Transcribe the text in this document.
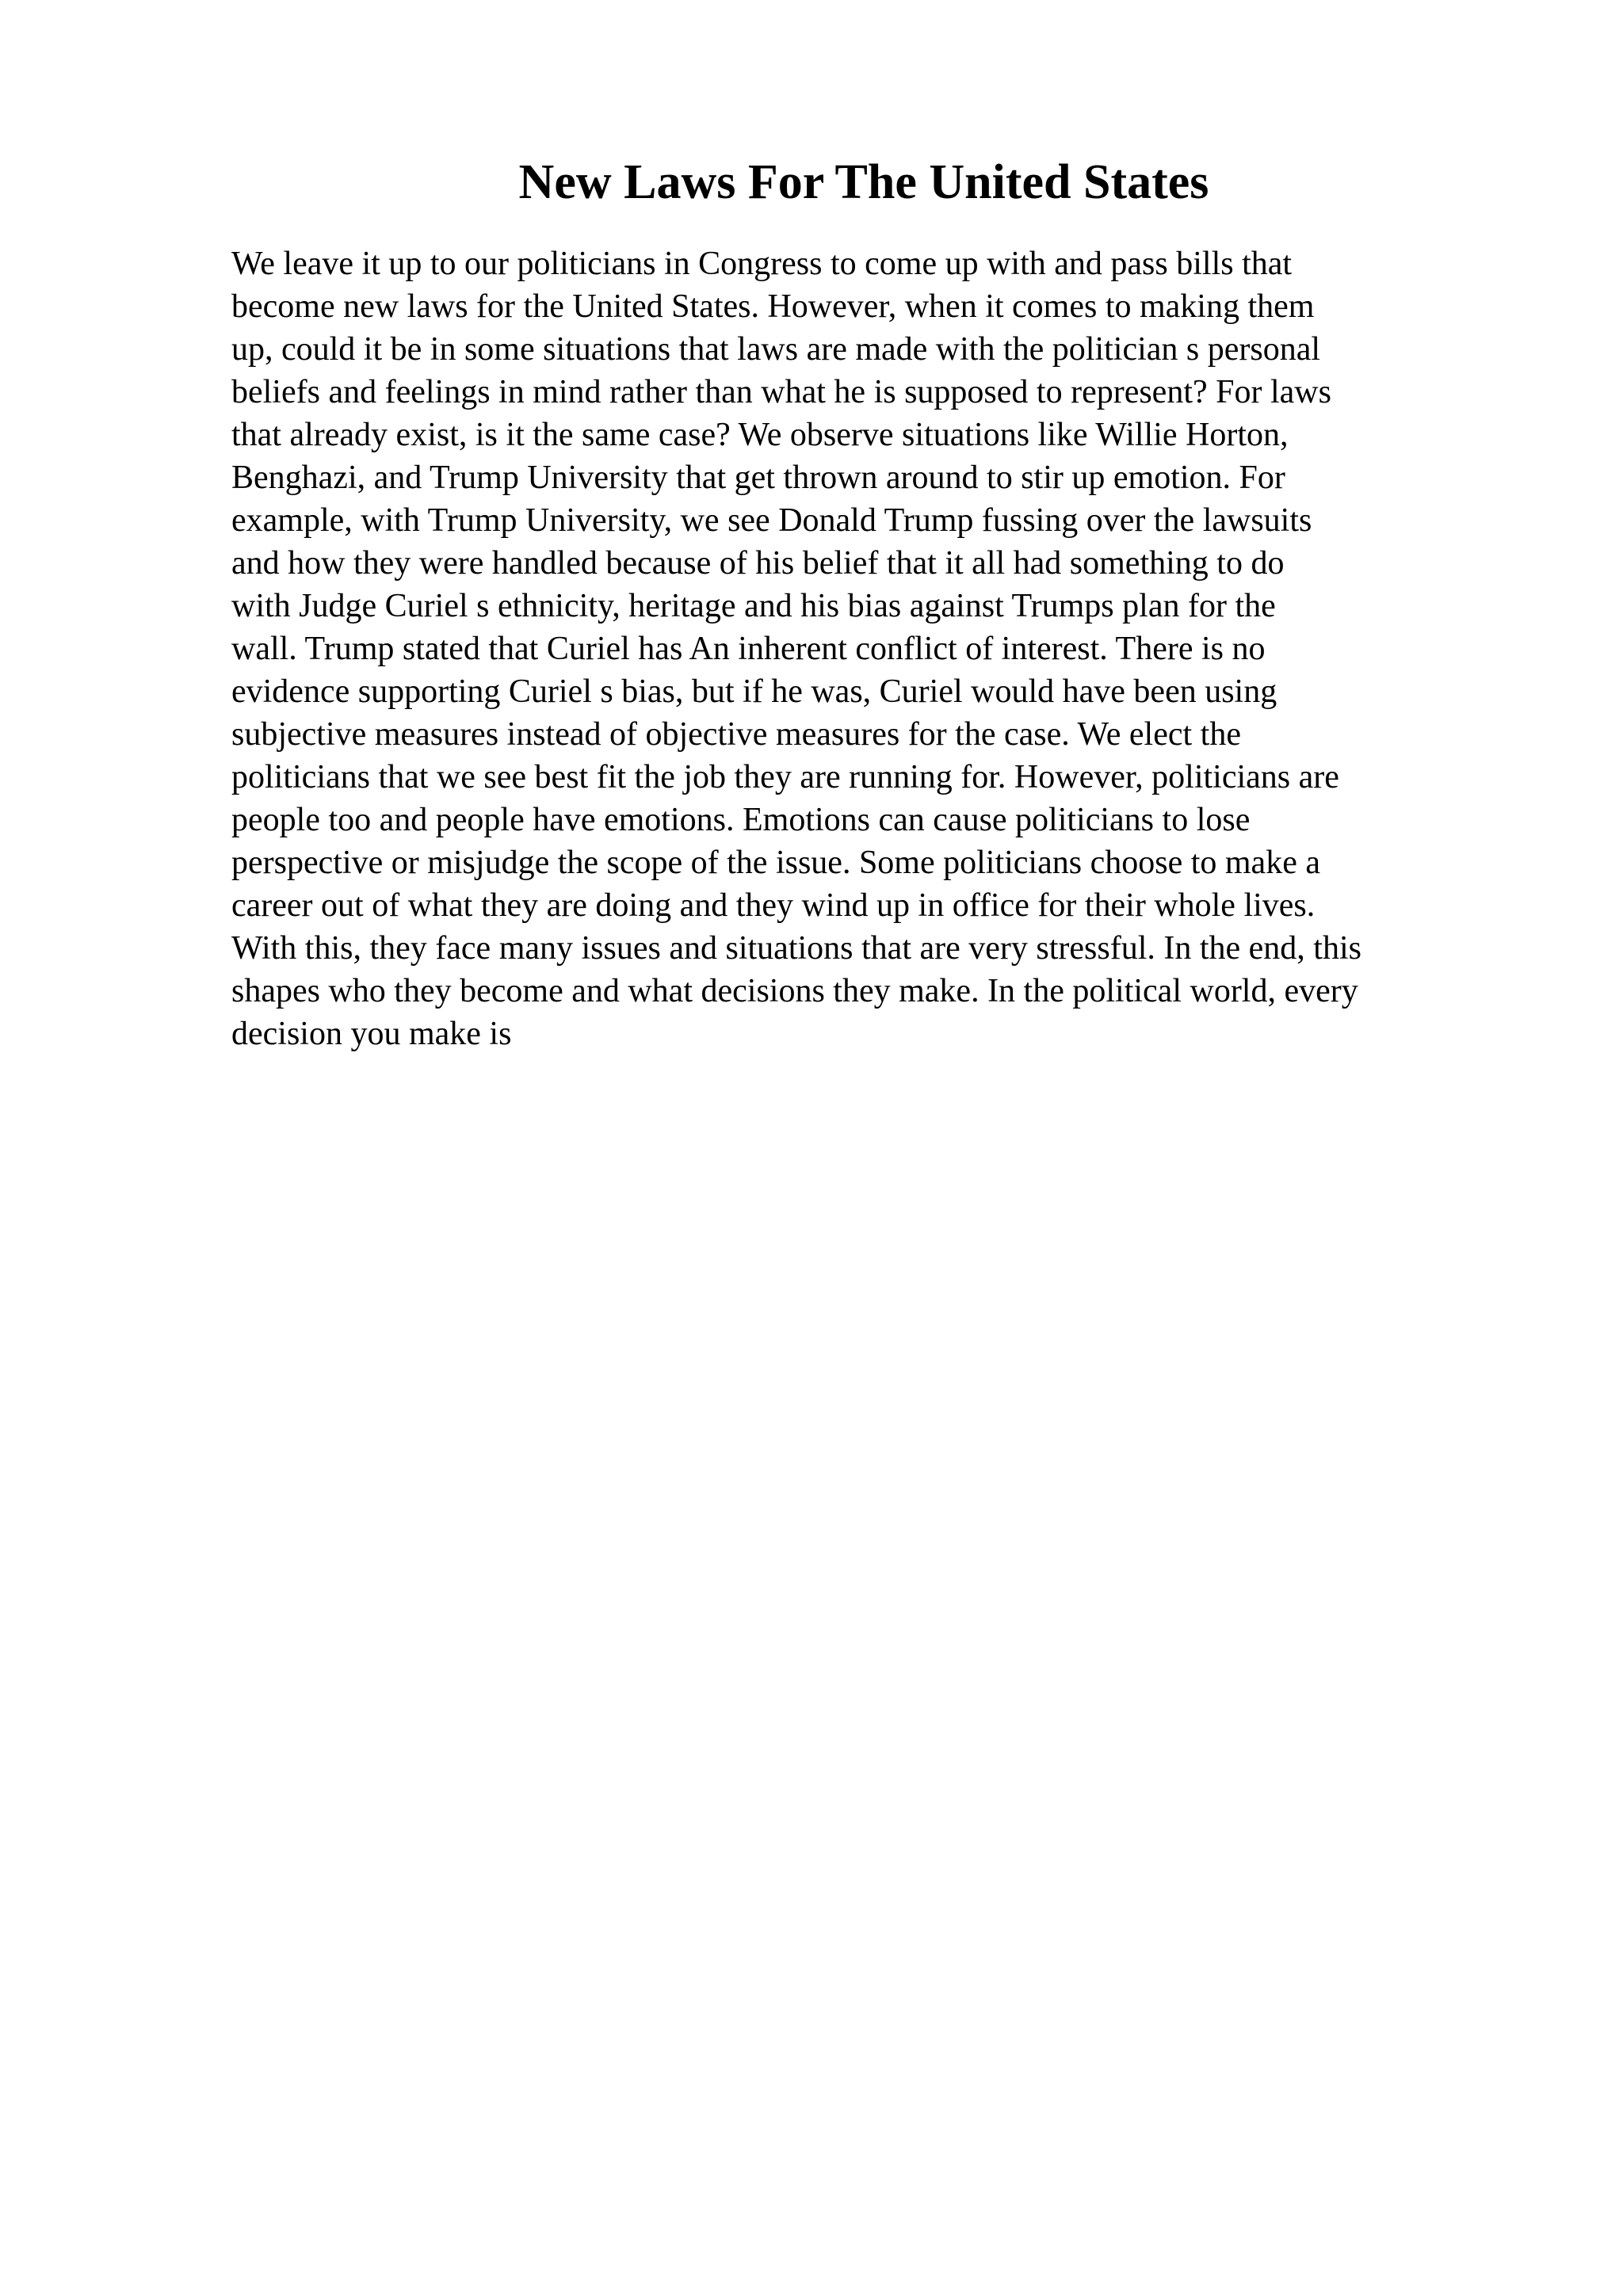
New Laws For The United States
We leave it up to our politicians in Congress to come up with and pass bills that
become new laws for the United States. However, when it comes to making them
up, could it be in some situations that laws are made with the politician s personal
beliefs and feelings in mind rather than what he is supposed to represent? For laws
that already exist, is it the same case? We observe situations like Willie Horton,
Benghazi, and Trump University that get thrown around to stir up emotion. For
example, with Trump University, we see Donald Trump fussing over the lawsuits
and how they were handled because of his belief that it all had something to do
with Judge Curiel s ethnicity, heritage and his bias against Trumps plan for the
wall. Trump stated that Curiel has An inherent conflict of interest. There is no
evidence supporting Curiel s bias, but if he was, Curiel would have been using
subjective measures instead of objective measures for the case. We elect the
politicians that we see best fit the job they are running for. However, politicians are
people too and people have emotions. Emotions can cause politicians to lose
perspective or misjudge the scope of the issue. Some politicians choose to make a
career out of what they are doing and they wind up in office for their whole lives.
With this, they face many issues and situations that are very stressful. In the end, this
shapes who they become and what decisions they make. In the political world, every
decision you make is
